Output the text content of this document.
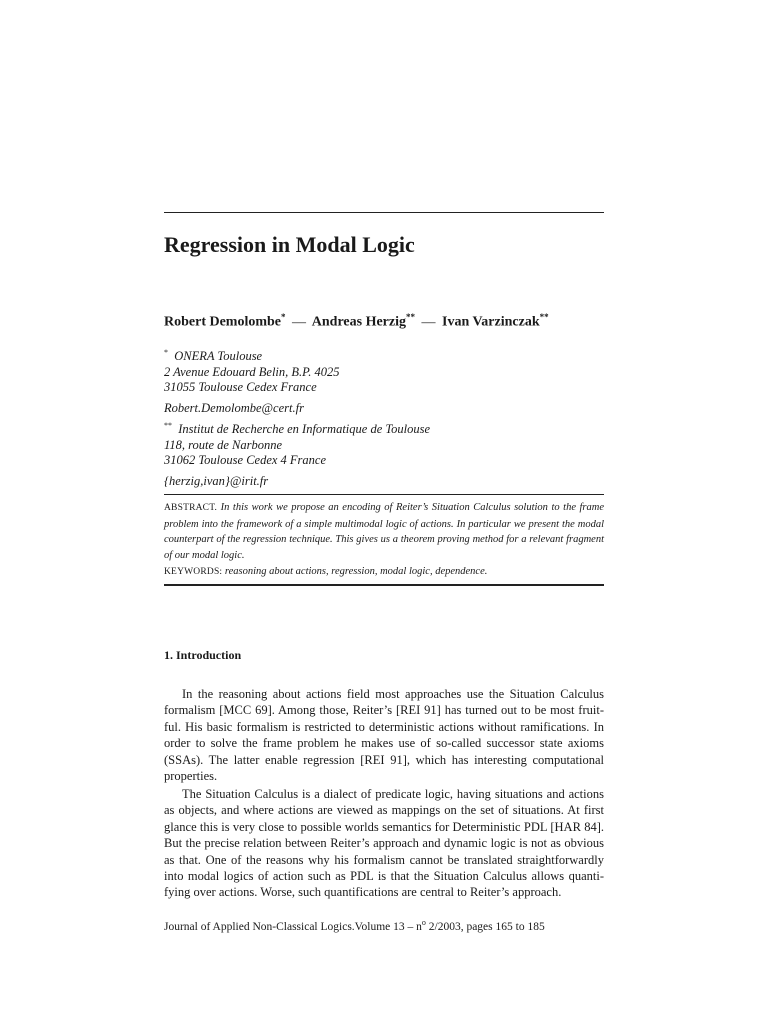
Regression in Modal Logic
Robert Demolombe* — Andreas Herzig** — Ivan Varzinczak**
* ONERA Toulouse
2 Avenue Edouard Belin, B.P. 4025
31055 Toulouse Cedex France
Robert.Demolombe@cert.fr
** Institut de Recherche en Informatique de Toulouse
118, route de Narbonne
31062 Toulouse Cedex 4 France
{herzig,ivan}@irit.fr
ABSTRACT. In this work we propose an encoding of Reiter’s Situation Calculus solution to the frame problem into the framework of a simple multimodal logic of actions. In particular we present the modal counterpart of the regression technique. This gives us a theorem proving method for a relevant fragment of our modal logic.
KEYWORDS: reasoning about actions, regression, modal logic, dependence.
1. Introduction

In the reasoning about actions field most approaches use the Situation Calculus formalism [MCC 69]. Among those, Reiter’s [REI 91] has turned out to be most fruitful. His basic formalism is restricted to deterministic actions without ramifications. In order to solve the frame problem he makes use of so-called successor state axioms (SSAs). The latter enable regression [REI 91], which has interesting computational properties.

The Situation Calculus is a dialect of predicate logic, having situations and actions as objects, and where actions are viewed as mappings on the set of situations. At first glance this is very close to possible worlds semantics for Deterministic PDL [HAR 84]. But the precise relation between Reiter’s approach and dynamic logic is not as obvious as that. One of the reasons why his formalism cannot be translated straightforwardly into modal logics of action such as PDL is that the Situation Calculus allows quantifying over actions. Worse, such quantifications are central to Reiter’s approach.

Journal of Applied Non-Classical Logics.Volume $13 - n^o$ 2/2003, pages 165 to 185
